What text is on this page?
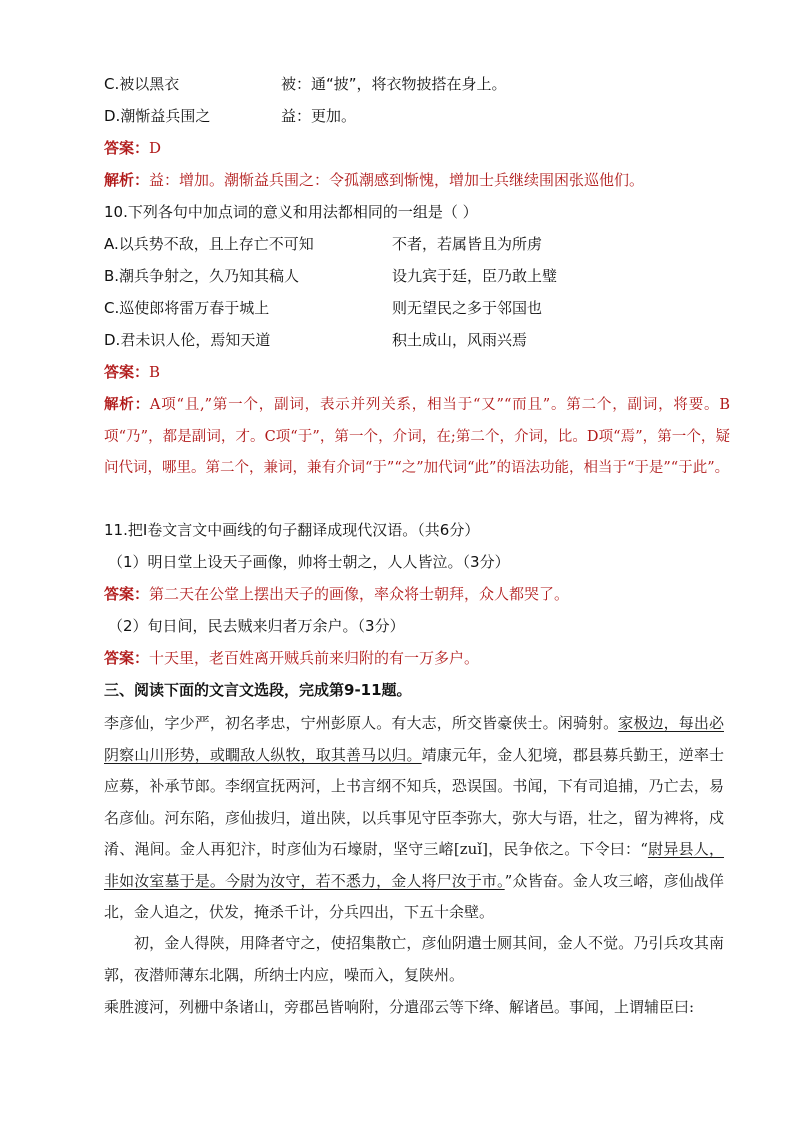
C.被以黑衣	被：通“披”，将衣物披搭在身上。
D.潮惭益兵围之	益：更加。
答案：D
解析：益：增加。潮惭益兵围之：令孤潮感到惭愧，增加士兵继续围困张巡他们。
10.下列各句中加点词的意义和用法都相同的一组是（ ）
A.以兵势不敌，且上存亡不可知	不者，若属皆且为所虏
B.潮兵争射之，久乃知其稿人	设九宾于廷，臣乃敢上璧
C.巡使郎将雷万春于城上	则无望民之多于邻国也
D.君未识人伦，焉知天道	积土成山，风雨兴焉
答案：B
解析：A项“且,”第一个，副词，表示并列关系，相当于“又”“而且”。第二个，副词，将要。B项“乃”，都是副词，才。C项“于”，第一个，介词，在;第二个，介词，比。D项“焉”，第一个，疑问代词，哪里。第二个，兼词，兼有介词“于”“之”加代词“此”的语法功能，相当于“于是”“于此”。
11.把Ⅰ卷文言文中画线的句子翻译成现代汉语。（共6分）
（1）明日堂上设天子画像，帅将士朝之，人人皆泣。（3分）
答案：第二天在公堂上摆出天子的画像，率众将士朝拜，众人都哭了。
（2）旬日间，民去贼来归者万余户。（3分）
答案：十天里，老百姓离开贼兵前来归附的有一万多户。
三、阅读下面的文言文选段，完成第9-11题。
李彦仙，字少严，初名孝忠，宁州彭原人。有大志，所交皆豪侠士。闲骑射。家极边，每出必阴察山川形势，或瞯敌人纵牧，取其善马以归。靖康元年，金人犯境，郡县募兵勤王，逆率士应募，补承节郎。李纲宣抚两河，上书言纲不知兵，恐误国。书闻，下有司追捕，乃亡去，易名彦仙。河东陷，彦仙拔归，道出陕，以兵事见守臣李弥大，弥大与语，壮之，留为裨将，戍淆、渑间。金人再犯汴，时彦仙为石壕尉，坚守三嵱[zuǐ]，民争依之。下令曰：“尉异县人，非如汝室墓于是。今尉为汝守，若不悉力，金人将尸汝于市。”众皆奋。金人攻三嵱，彦仙战佯北，金人追之，伏发，掩杀千计，分兵四出，下五十余壁。
初，金人得陕，用降者守之，使招集散亡，彦仙阴遣士厕其间，金人不觉。乃引兵攻其南郭，夜潜师薄东北隅，所纳士内应，噪而入，复陕州。
乘胜渡河，列栅中条诸山，旁郡邑皆响附，分遣邵云等下绛、解诸邑。事闻，上谓辅臣曰:
